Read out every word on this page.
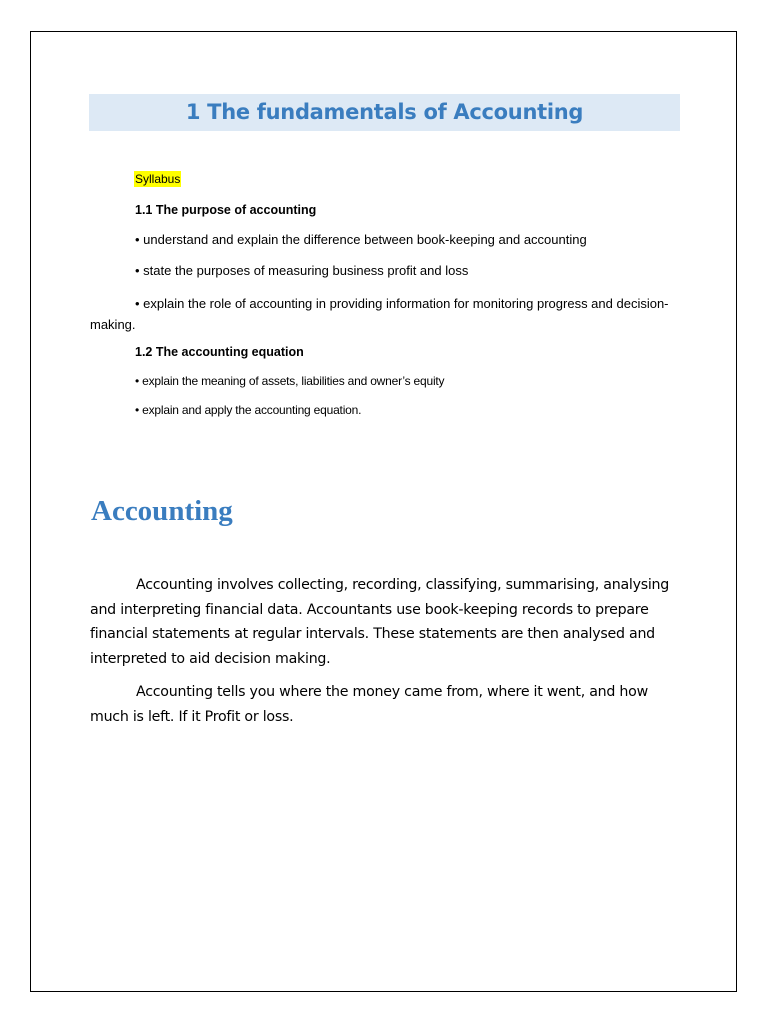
1 The fundamentals of Accounting
Syllabus
1.1 The purpose of accounting
• understand and explain the difference between book-keeping and accounting
• state the purposes of measuring business profit and loss

• explain the role of accounting in providing information for monitoring progress and decision-making.

1.2 The accounting equation
• explain the meaning of assets, liabilities and owner’s equity
• explain and apply the accounting equation.
Accounting

Accounting involves collecting, recording, classifying, summarising, analysing and interpreting financial data. Accountants use book-keeping records to prepare financial statements at regular intervals. These statements are then analysed and interpreted to aid decision making.

Accounting tells you where the money came from, where it went, and how much is left. If it Profit or loss.
